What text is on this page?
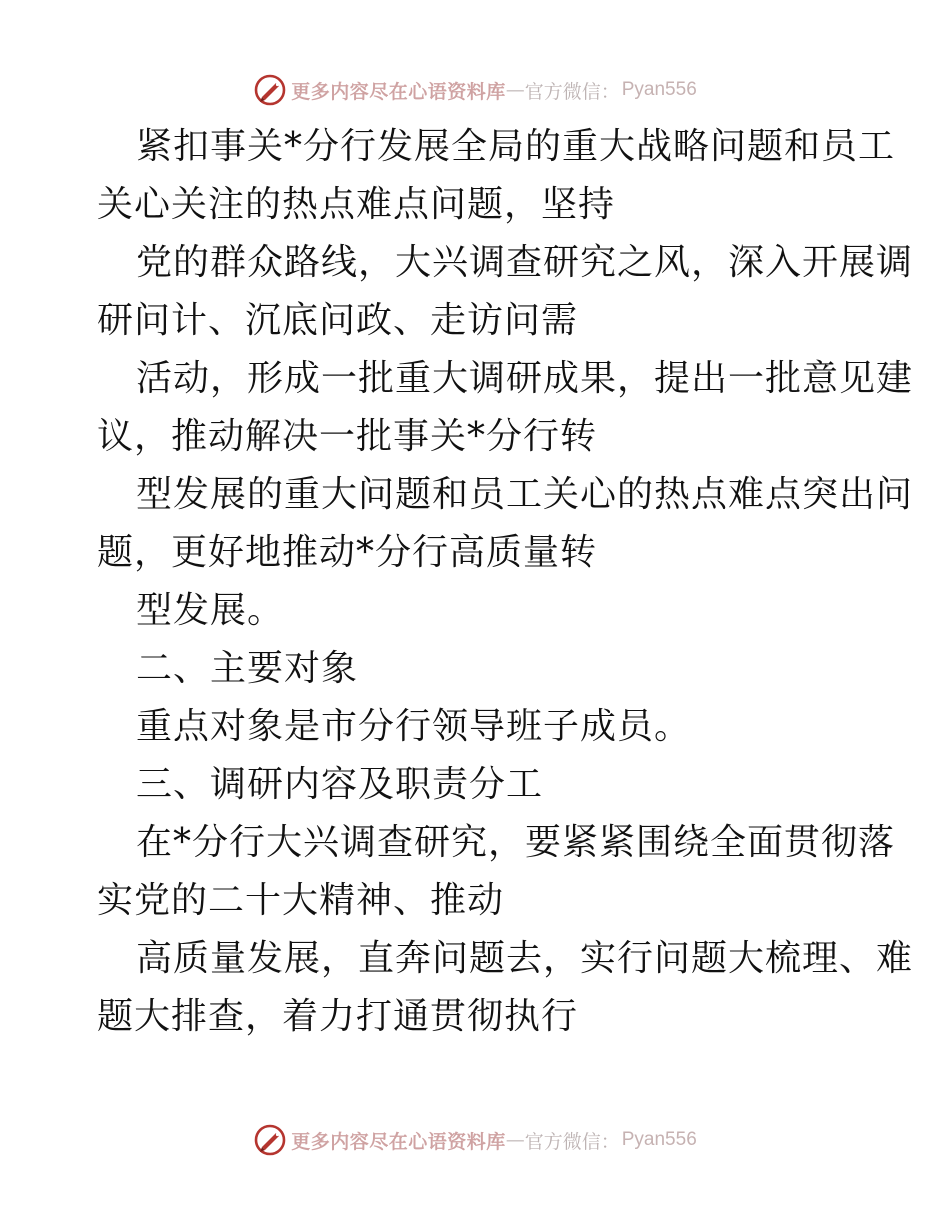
更多内容尽在心语资料库 — 官方微信： Pyan556
紧扣事关*分行发展全局的重大战略问题和员工
关心关注的热点难点问题，坚持
党的群众路线，大兴调查研究之风，深入开展调
研问计、沉底问政、走访问需
活动，形成一批重大调研成果，提出一批意见建
议，推动解决一批事关*分行转
型发展的重大问题和员工关心的热点难点突出问
题，更好地推动*分行高质量转
型发展。
二、主要对象
重点对象是市分行领导班子成员。
三、调研内容及职责分工
在*分行大兴调查研究，要紧紧围绕全面贯彻落
实党的二十大精神、推动
高质量发展，直奔问题去，实行问题大梳理、难
题大排查，着力打通贯彻执行
更多内容尽在心语资料库 — 官方微信： Pyan556
